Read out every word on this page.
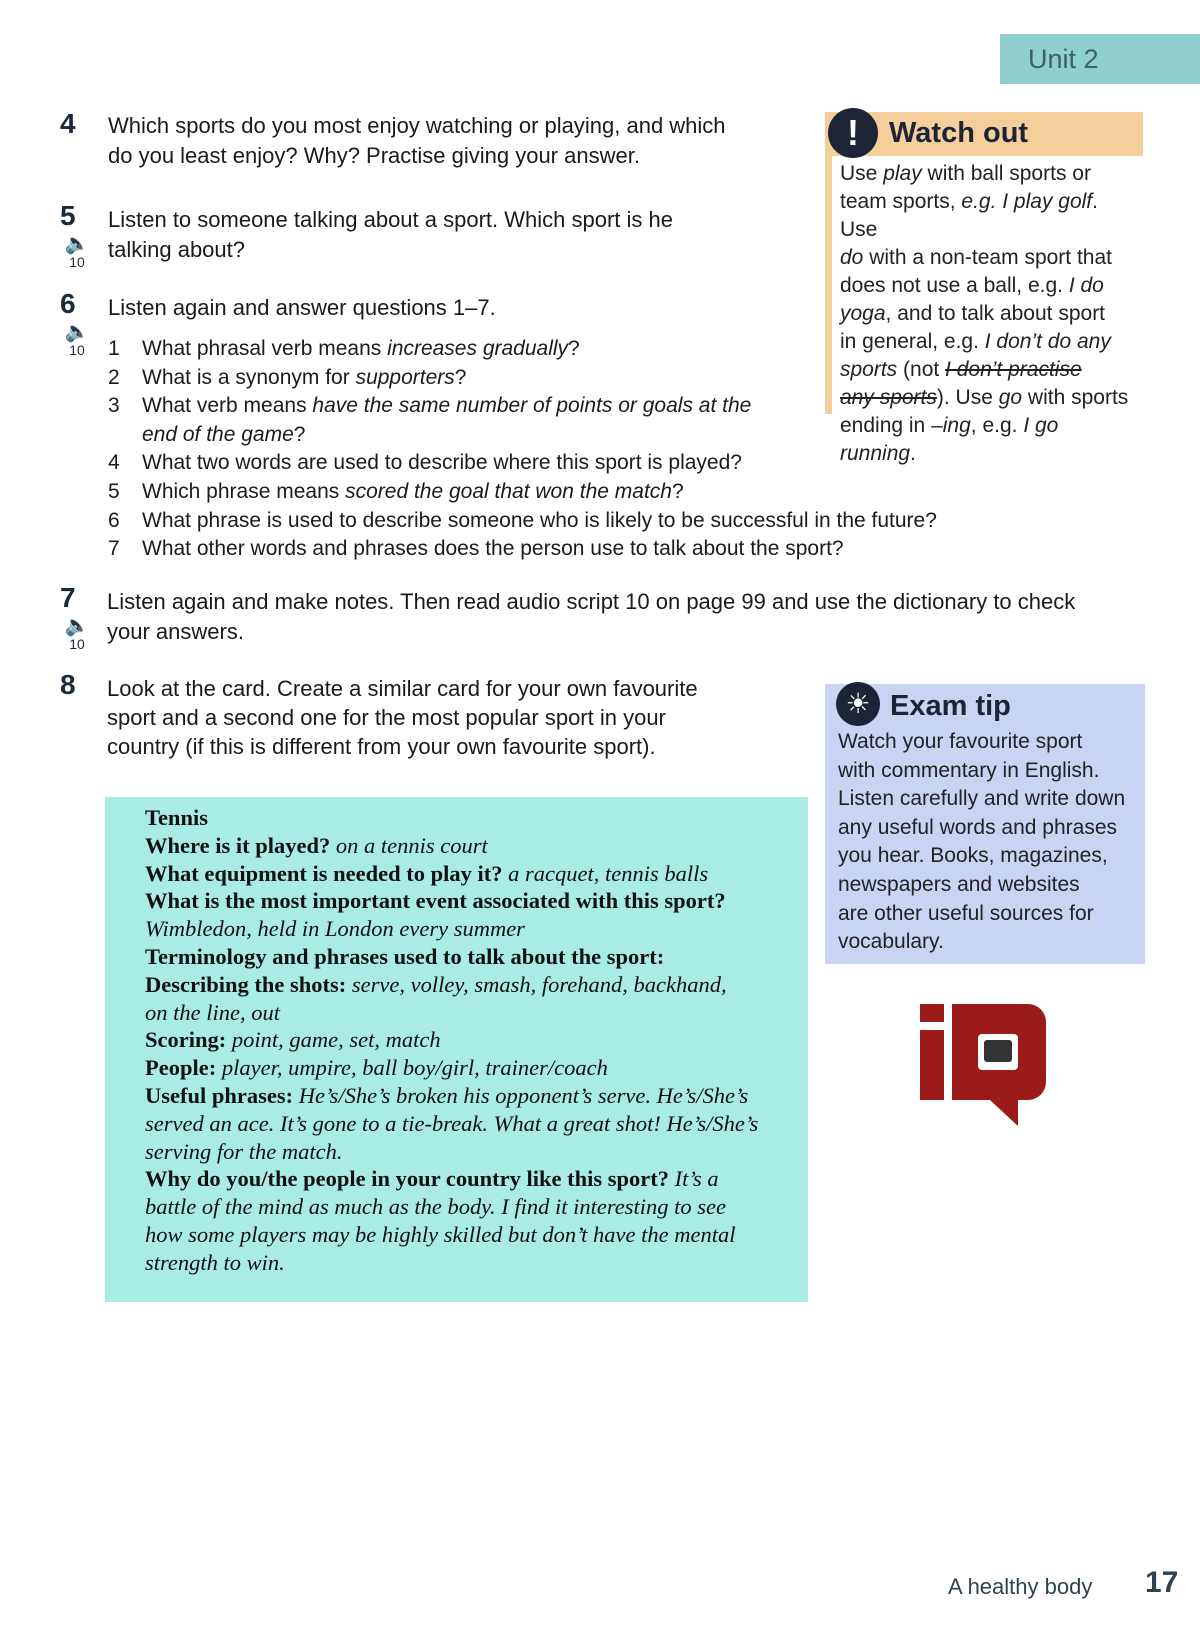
Unit 2
4 Which sports do you most enjoy watching or playing, and which
do you least enjoy? Why? Practise giving your answer.
5
🔈
10
Listen to someone talking about a sport. Which sport is he
talking about?
6
🔈
10
Listen again and answer questions 1–7.
1	What phrasal verb means increases gradually?
2	What is a synonym for supporters?
3	What verb means have the same number of points or goals at the
end of the game?
4	What two words are used to describe where this sport is played?
5	Which phrase means scored the goal that won the match?
6	What phrase is used to describe someone who is likely to be successful in the future?
7	What other words and phrases does the person use to talk about the sport?
Watch out
!
Use play with ball sports or
team sports, e.g. I play golf. Use
do with a non-team sport that
does not use a ball, e.g. I do
yoga, and to talk about sport
in general, e.g. I don’t do any
sports (not I don’t practise
any sports). Use go with sports
ending in –ing, e.g. I go running.
7
🔈
10
Listen again and make notes. Then read audio script 10 on page 99 and use the dictionary to check
your answers.
8 Look at the card. Create a similar card for your own favourite
sport and a second one for the most popular sport in your
country (if this is different from your own favourite sport).
☀ Exam tip
Watch your favourite sport
with commentary in English.
Listen carefully and write down
any useful words and phrases
you hear. Books, magazines,
newspapers and websites
are other useful sources for
vocabulary.
Tennis
Where is it played? on a tennis court
What equipment is needed to play it? a racquet, tennis balls
What is the most important event associated with this sport?
Wimbledon, held in London every summer
Terminology and phrases used to talk about the sport:
Describing the shots: serve, volley, smash, forehand, backhand,
on the line, out
Scoring: point, game, set, match
People: player, umpire, ball boy/girl, trainer/coach
Useful phrases: He’s/She’s broken his opponent’s serve. He’s/She’s
served an ace. It’s gone to a tie-break. What a great shot! He’s/She’s
serving for the match.
Why do you/the people in your country like this sport? It’s a
battle of the mind as much as the body. I find it interesting to see
how some players may be highly skilled but don’t have the mental
strength to win.
A healthy body 17
